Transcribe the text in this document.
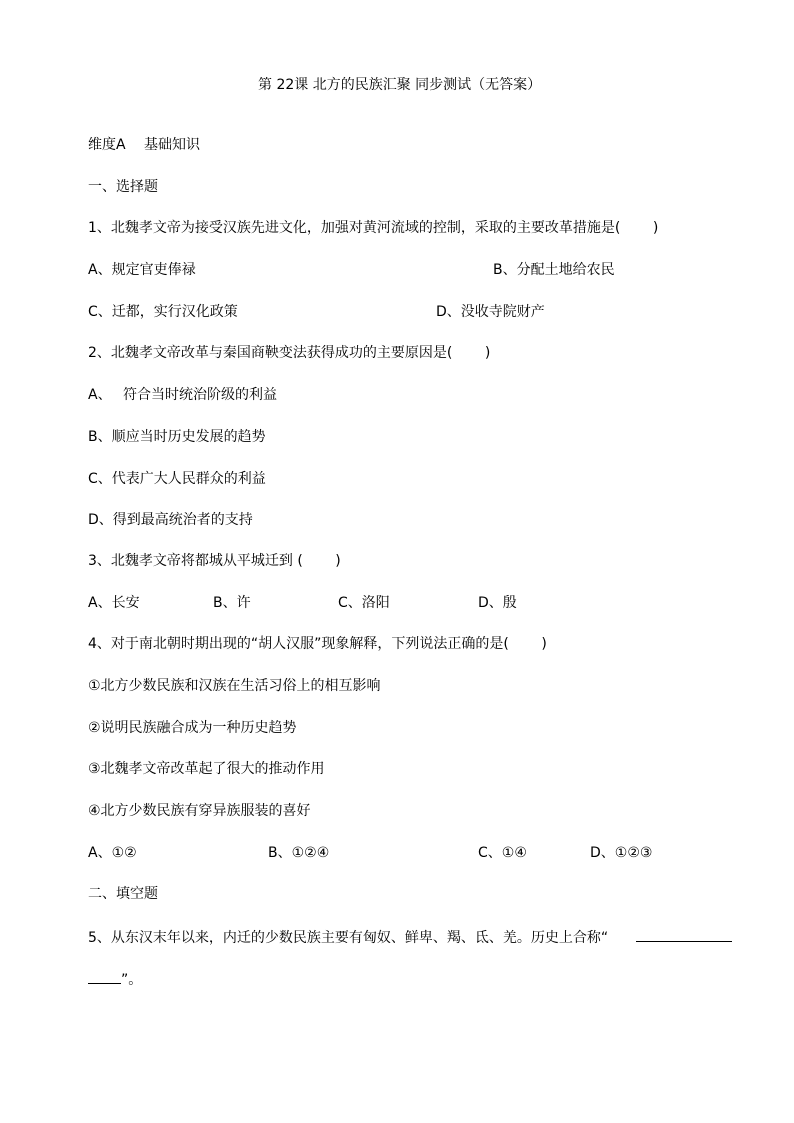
第 22课 北方的民族汇聚 同步测试（无答案）
维度A　 基础知识
一、选择题
1、北魏孝文帝为接受汉族先进文化，加强对黄河流域的控制，采取的主要改革措施是(　　 )
A、规定官吏俸禄	B、分配土地给农民
C、迁都，实行汉化政策	D、没收寺院财产
2、北魏孝文帝改革与秦国商鞅变法获得成功的主要原因是(　　 )
A、　 符合当时统治阶级的利益
B、顺应当时历史发展的趋势
C、代表广大人民群众的利益
D、得到最高统治者的支持
3、北魏孝文帝将都城从平城迁到 (　　 )
A、长安	B、许	C、洛阳	D、殷
4、对于南北朝时期出现的“胡人汉服”现象解释，下列说法正确的是(　　 )
①北方少数民族和汉族在生活习俗上的相互影响
②说明民族融合成为一种历史趋势
③北魏孝文帝改革起了很大的推动作用
④北方少数民族有穿异族服装的喜好
A、①②	B、①②④	C、①④	D、①②③
二、填空题
5、从东汉末年以来，内迁的少数民族主要有匈奴、鲜卑、羯、氐、羌。历史上合称“
”。
